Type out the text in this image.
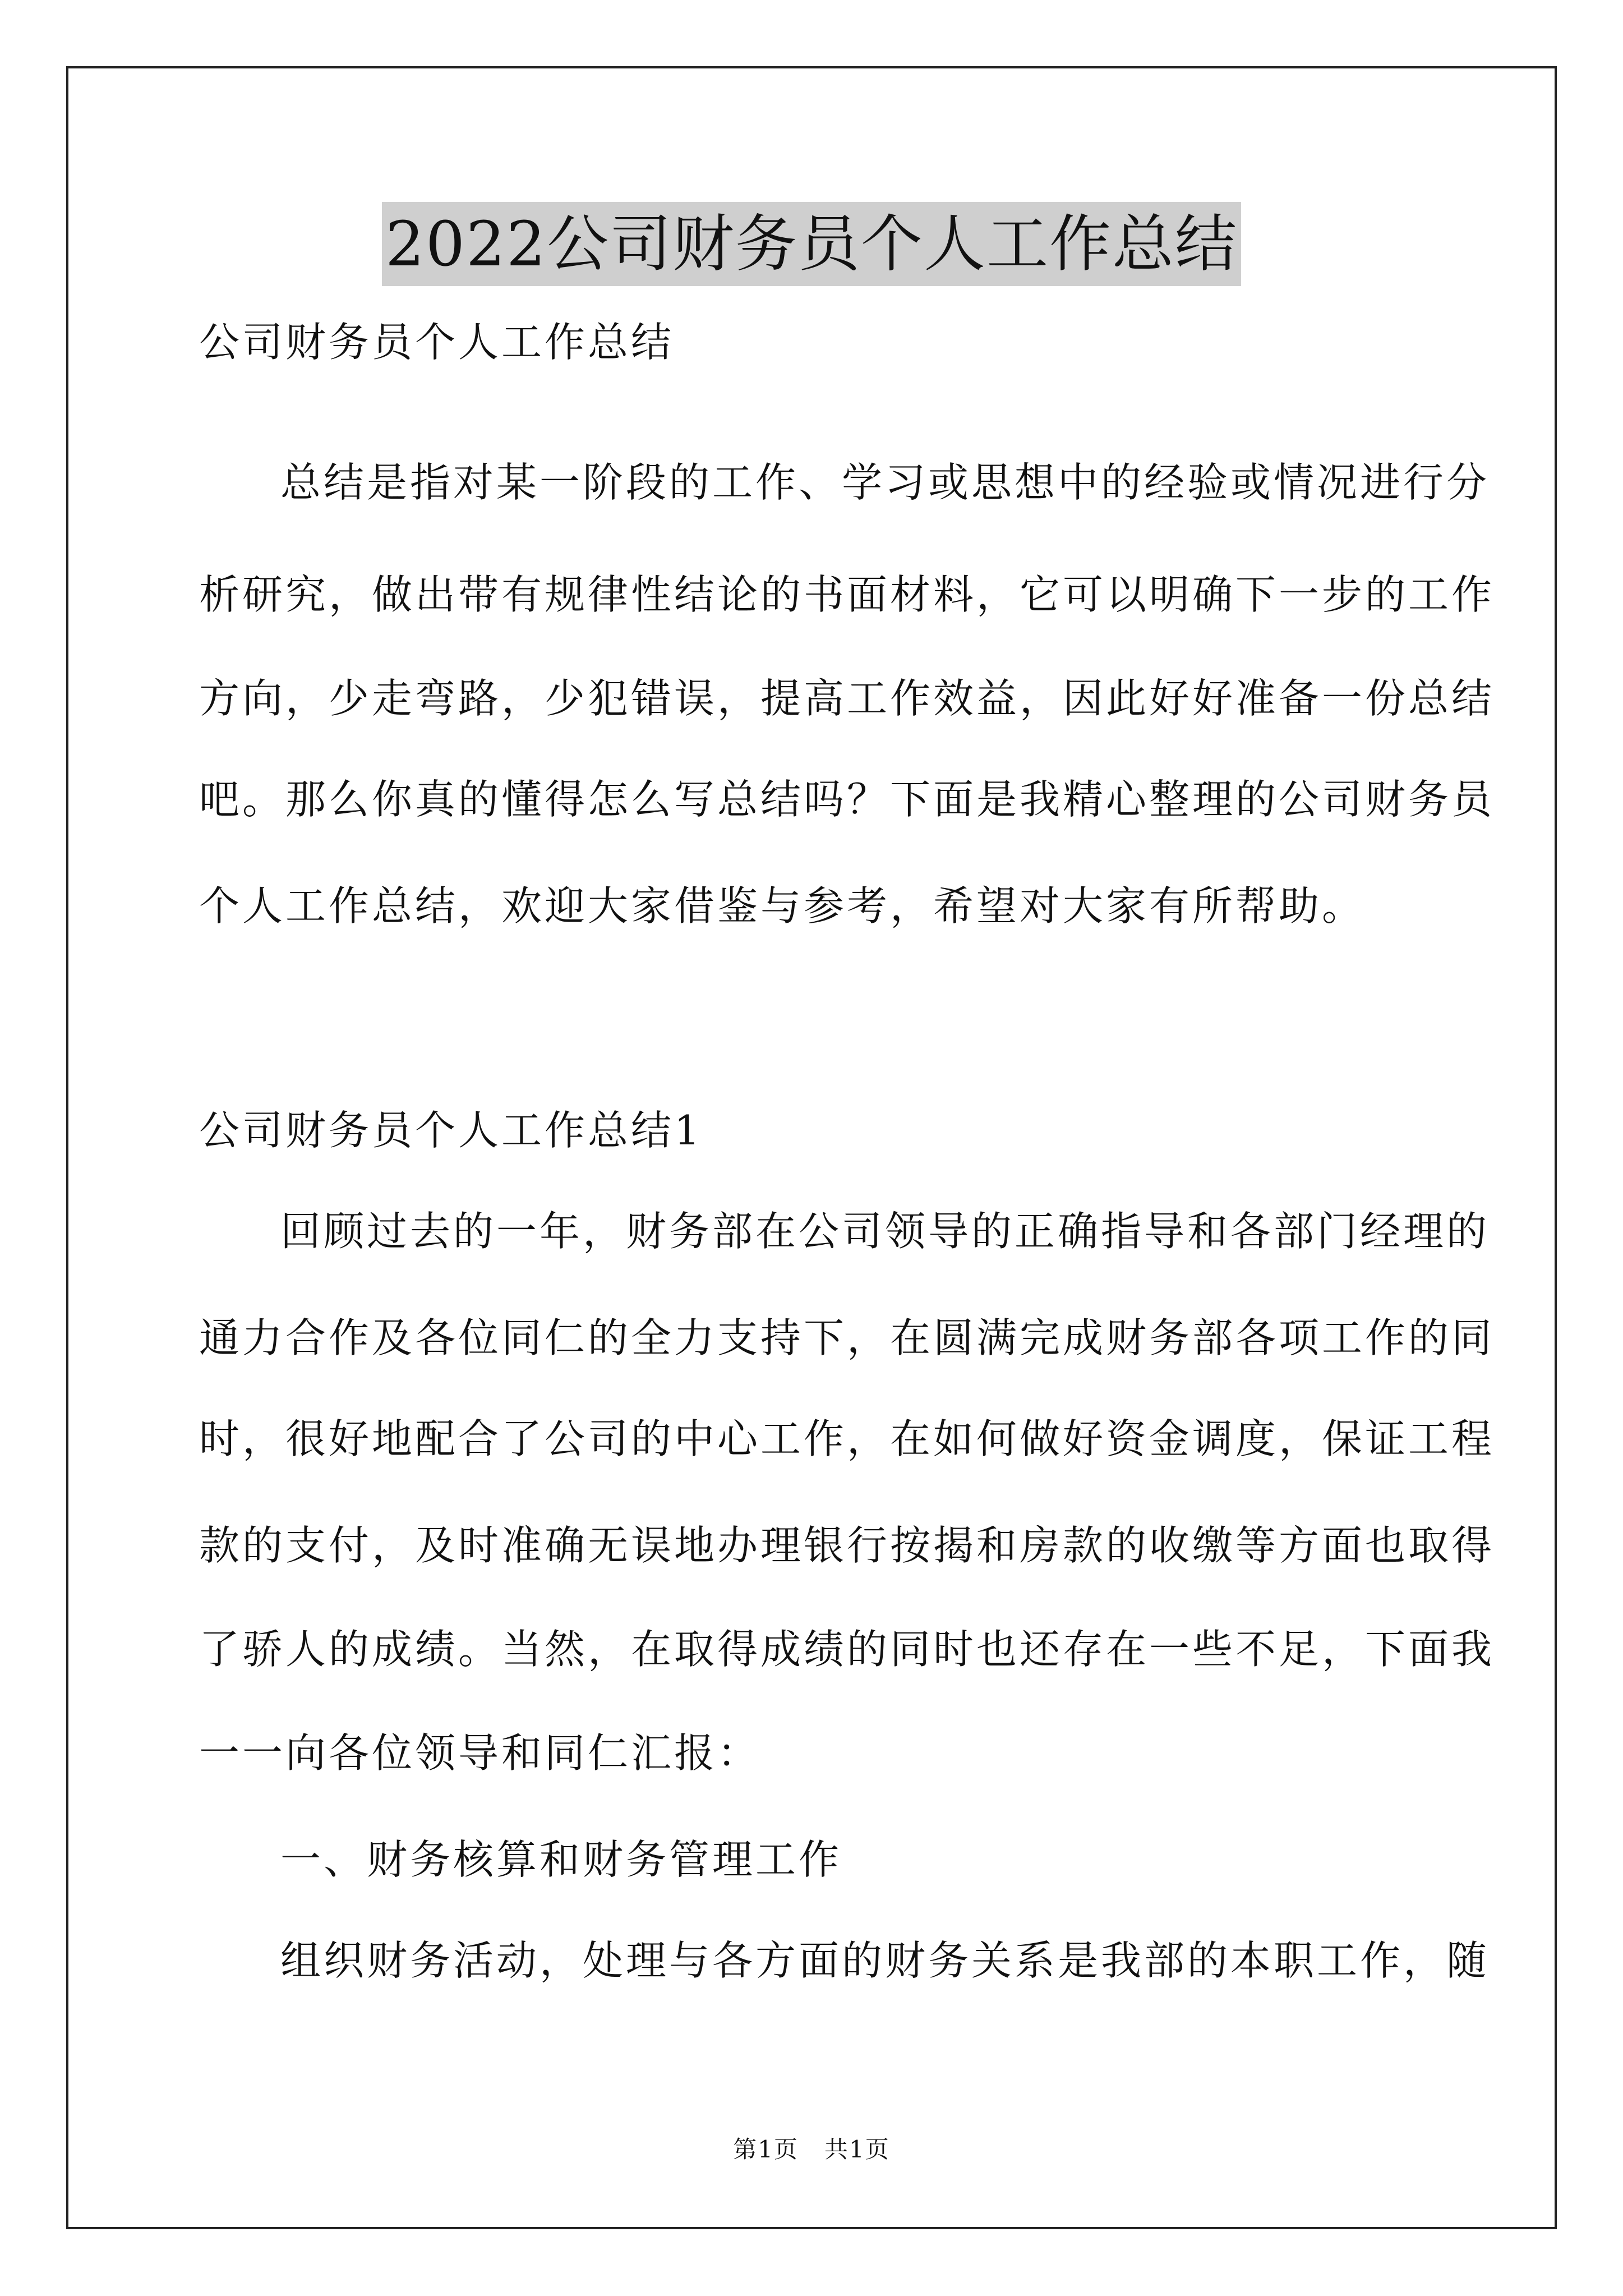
2022公司财务员个人工作总结

公司财务员个人工作总结

总结是指对某一阶段的工作、学习或思想中的经验或情况进行分

析研究，做出带有规律性结论的书面材料，它可以明确下一步的工作

方向，少走弯路，少犯错误，提高工作效益，因此好好准备一份总结

吧。那么你真的懂得怎么写总结吗？下面是我精心整理的公司财务员

个人工作总结，欢迎大家借鉴与参考，希望对大家有所帮助。

公司财务员个人工作总结1

回顾过去的一年，财务部在公司领导的正确指导和各部门经理的

通力合作及各位同仁的全力支持下，在圆满完成财务部各项工作的同

时，很好地配合了公司的中心工作，在如何做好资金调度，保证工程

款的支付，及时准确无误地办理银行按揭和房款的收缴等方面也取得

了骄人的成绩。当然，在取得成绩的同时也还存在一些不足，下面我

一一向各位领导和同仁汇报：

一、财务核算和财务管理工作

组织财务活动，处理与各方面的财务关系是我部的本职工作，随

第1页 共1页
